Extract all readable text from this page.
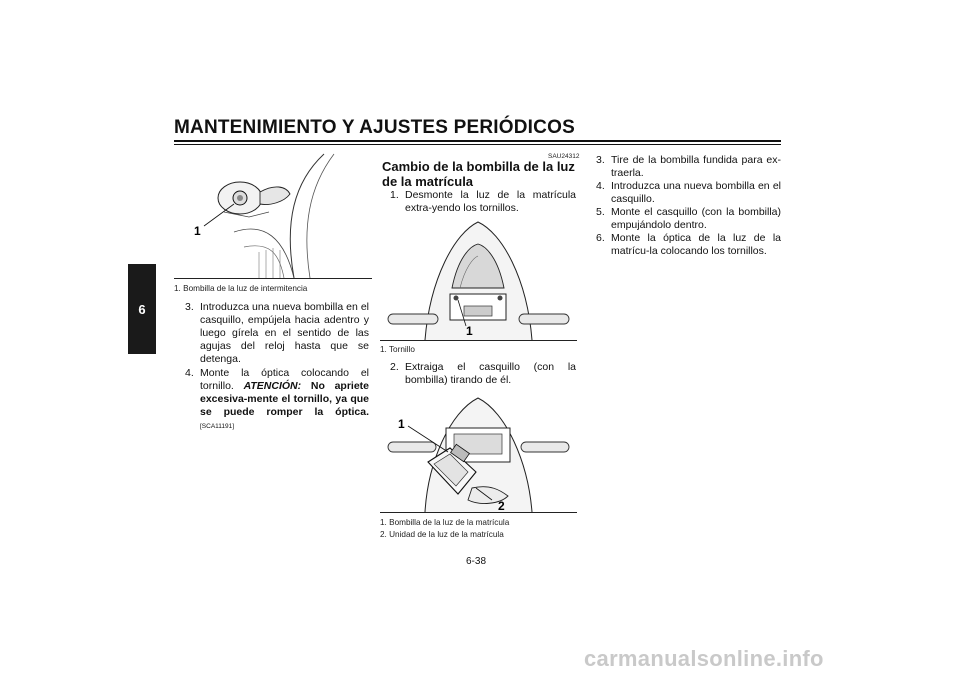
MANTENIMIENTO Y AJUSTES PERIÓDICOS
6
1
1. Bombilla de la luz de intermitencia

3. Introduzca una nueva bombilla en el casquillo, empújela hacia adentro y luego gírela en el sentido de las agujas del reloj hasta que se detenga.

4. Monte la óptica colocando el tornillo. ATENCIÓN: No apriete excesiva-mente el tornillo, ya que se puede romper la óptica. [SCA11191]

SAU24312
Cambio de la bombilla de la luz de la matrícula

1. Desmonte la luz de la matrícula extra-yendo los tornillos.

1
1. Tornillo

2. Extraiga el casquillo (con la bombilla) tirando de él.

1
2
1. Bombilla de la luz de la matrícula
2. Unidad de la luz de la matrícula

3. Tire de la bombilla fundida para ex-traerla.

4. Introduzca una nueva bombilla en el casquillo.

5. Monte el casquillo (con la bombilla) empujándolo dentro.

6. Monte la óptica de la luz de la matrícu-la colocando los tornillos.

6-38
carmanualsonline.info
